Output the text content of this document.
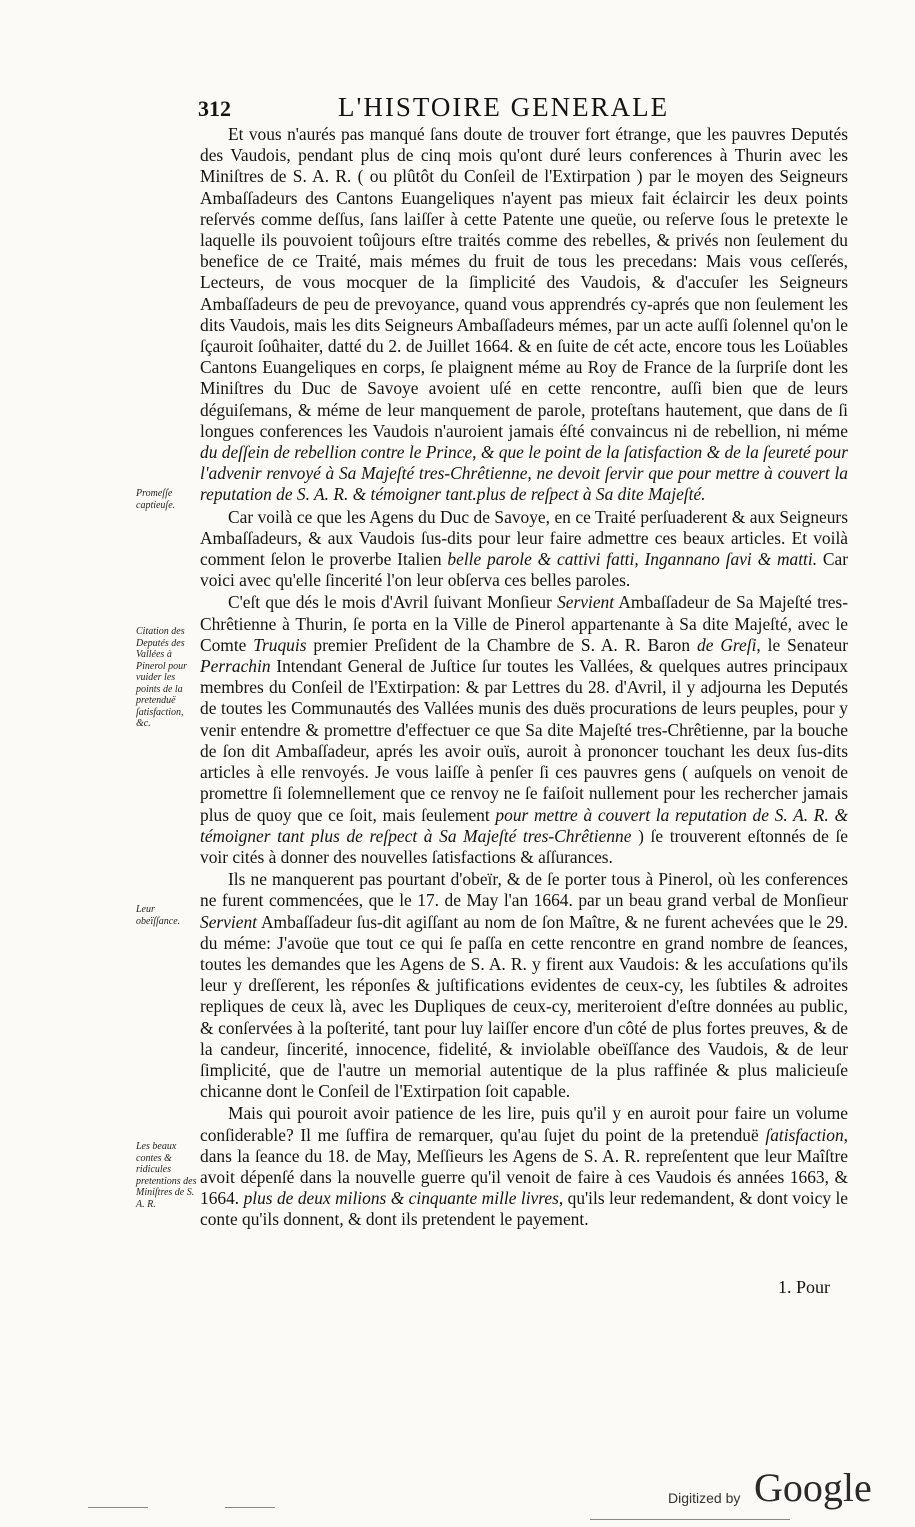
312	L'HISTOIRE GENERALE

Et vous n'aurés pas manqué ſans doute de trouver fort étrange, que les pauvres Deputés des Vaudois, pendant plus de cinq mois qu'ont duré leurs conferences à Thurin avec les Miniſtres de S. A. R. ( ou plûtôt du Conſeil de l'Extirpation ) par le moyen des Seigneurs Ambaſſadeurs des Cantons Euangeliques n'ayent pas mieux fait éclaircir les deux points reſervés comme deſſus, ſans laiſſer à cette Patente une queüe, ou reſerve ſous le pretexte le laquelle ils pouvoient toûjours eſtre traités comme des rebelles, & privés non ſeulement du benefice de ce Traité, mais mémes du fruit de tous les precedans: Mais vous ceſſerés, Lecteurs, de vous mocquer de la ſimplicité des Vaudois, & d'accuſer les Seigneurs Ambaſſadeurs de peu de prevoyance, quand vous apprendrés cy-aprés que non ſeulement les dits Vaudois, mais les dits Seigneurs Ambaſſadeurs mémes, par un acte auſſi ſolennel qu'on le ſçauroit ſoûhaiter, datté du 2. de Juillet 1664. & en ſuite de cét acte, encore tous les Loüables Cantons Euangeliques en corps, ſe plaignent méme au Roy de France de la ſurpriſe dont les Miniſtres du Duc de Savoye avoient uſé en cette rencontre, auſſi bien que de leurs déguiſemans, & méme de leur manquement de parole, proteſtans hautement, que dans de ſi longues conferences les Vaudois n'auroient jamais éſté convaincus ni de rebellion, ni méme du deſſein de rebellion contre le Prince, & que le point de la ſatisfaction & de la ſeureté pour l'advenir renvoyé à Sa Majeſté tres-Chrêtienne, ne devoit ſervir que pour mettre à couvert la reputation de S. A. R. & témoigner tant.plus de reſpect à Sa dite Majeſté.

Car voilà ce que les Agens du Duc de Savoye, en ce Traité perſuaderent & aux Seigneurs Ambaſſadeurs, & aux Vaudois ſus-dits pour leur faire admettre ces beaux articles. Et voilà comment ſelon le proverbe Italien belle parole & cattivi fatti, Ingannano ſavi & matti. Car voici avec qu'elle ſincerité l'on leur obſerva ces belles paroles.

C'eſt que dés le mois d'Avril ſuivant Monſieur Servient Ambaſſadeur de Sa Majeſté tres-Chrêtienne à Thurin, ſe porta en la Ville de Pinerol appartenante à Sa dite Majeſté, avec le Comte Truquis premier Preſident de la Chambre de S. A. R. Baron de Greſi, le Senateur Perrachin Intendant General de Juſtice ſur toutes les Vallées, & quelques autres principaux membres du Conſeil de l'Extirpation: & par Lettres du 28. d'Avril, il y adjourna les Deputés de toutes les Communautés des Vallées munis des duës procurations de leurs peuples, pour y venir entendre & promettre d'effectuer ce que Sa dite Majeſté tres-Chrêtienne, par la bouche de ſon dit Ambaſſadeur, aprés les avoir ouïs, auroit à prononcer touchant les deux ſus-dits articles à elle renvoyés. Je vous laiſſe à penſer ſi ces pauvres gens ( auſquels on venoit de promettre ſi ſolemnellement que ce renvoy ne ſe faiſoit nullement pour les rechercher jamais plus de quoy que ce ſoit, mais ſeulement pour mettre à couvert la reputation de S. A. R. & témoigner tant plus de reſpect à Sa Majeſté tres-Chrêtienne ) ſe trouverent eſtonnés de ſe voir cités à donner des nouvelles ſatisfactions & aſſurances.

Ils ne manquerent pas pourtant d'obeïr, & de ſe porter tous à Pinerol, où les conferences ne furent commencées, que le 17. de May l'an 1664. par un beau grand verbal de Monſieur Servient Ambaſſadeur ſus-dit agiſſant au nom de ſon Maître, & ne furent achevées que le 29. du méme: J'avoüe que tout ce qui ſe paſſa en cette rencontre en grand nombre de ſeances, toutes les demandes que les Agens de S. A. R. y firent aux Vaudois: & les accuſations qu'ils leur y dreſſerent, les réponſes & juſtifications evidentes de ceux-cy, les ſubtiles & adroites repliques de ceux là, avec les Dupliques de ceux-cy, meriteroient d'eſtre données au public, & conſervées à la poſterité, tant pour luy laiſſer encore d'un côté de plus fortes preuves, & de la candeur, ſincerité, innocence, fidelité, & inviolable obeïſſance des Vaudois, & de leur ſimplicité, que de l'autre un memorial autentique de la plus raffinée & plus malicieuſe chicanne dont le Conſeil de l'Extirpation ſoit capable.

Mais qui pouroit avoir patience de les lire, puis qu'il y en auroit pour faire un volume conſiderable? Il me ſuffira de remarquer, qu'au ſujet du point de la pretenduë ſatisfaction, dans la ſeance du 18. de May, Meſſieurs les Agens de S. A. R. repreſentent que leur Maîſtre avoit dépenſé dans la nouvelle guerre qu'il venoit de faire à ces Vaudois és années 1663, & 1664. plus de deux milions & cinquante mille livres, qu'ils leur redemandent, & dont voicy le conte qu'ils donnent, & dont ils pretendent le payement.

Promeſſe captieuſe.
Citation des Deputés des Vallées à Pinerol pour vuider les points de la pretenduë ſatisfaction, &c.
Leur obeïſſance.
Les beaux contes & ridicules pretentions des Miniſtres de S. A. R.
1. Pour
Digitized by Google
